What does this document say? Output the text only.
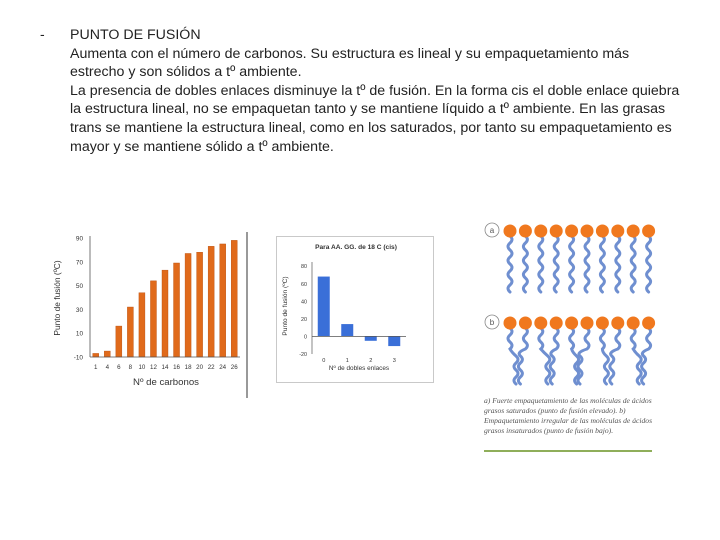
- PUNTO DE FUSIÓN

Aumenta con el número de carbonos. Su estructura es lineal y su empaquetamiento más estrecho y son sólidos a tº ambiente.

La presencia de dobles enlaces disminuye la tº de fusión. En la forma cis el doble enlace quiebra la estructura lineal, no se empaquetan tanto y se mantiene líquido a tº ambiente. En las grasas trans se mantiene la estructura lineal, como en los saturados, por tanto su empaquetamiento es mayor y se mantiene sólido a tº ambiente.

90
70
50
30
10
-10
1 4 6 8 10 12 14 16 18 20 22 24 26
Punto de fusión (ºC)
Nº de carbonos
Para AA. GG. de 18 C (cis)
80
60
40
20
0
-20
0	1	2	3
Punto de fusión (ºC)
Nº de dobles enlaces
a
b
a) Fuerte empaquetamiento de las moléculas de ácidos grasos saturados (punto de fusión elevado). b) Empaquetamiento irregular de las moléculas de ácidos grasos insaturados (punto de fusión bajo).
